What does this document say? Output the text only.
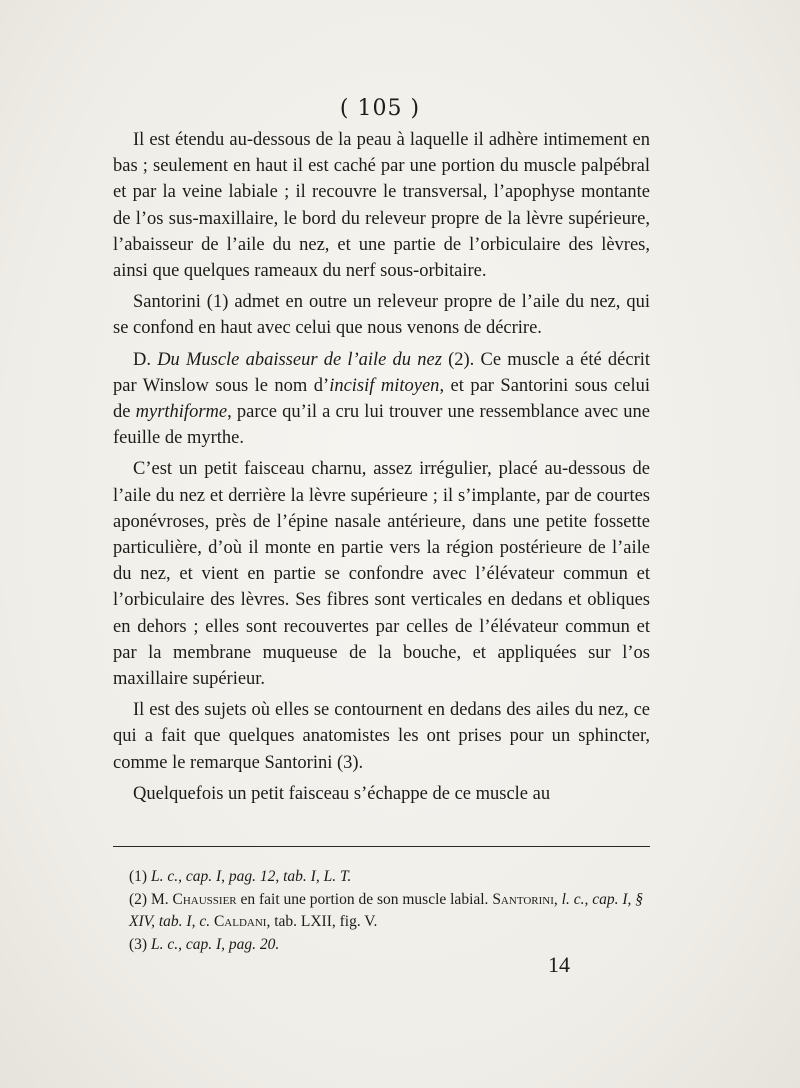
( 105 )

Il est étendu au-dessous de la peau à laquelle il adhère intimement en bas ; seulement en haut il est caché par une portion du muscle palpébral et par la veine labiale ; il recouvre le transversal, l’apophyse montante de l’os sus-maxillaire, le bord du releveur propre de la lèvre supérieure, l’abaisseur de l’aile du nez, et une partie de l’orbiculaire des lèvres, ainsi que quelques rameaux du nerf sous-orbitaire.

Santorini (1) admet en outre un releveur propre de l’aile du nez, qui se confond en haut avec celui que nous venons de décrire.

D. Du Muscle abaisseur de l’aile du nez (2). Ce muscle a été décrit par Winslow sous le nom d’incisif mitoyen, et par Santorini sous celui de myrthiforme, parce qu’il a cru lui trouver une ressemblance avec une feuille de myrthe.

C’est un petit faisceau charnu, assez irrégulier, placé au-dessous de l’aile du nez et derrière la lèvre supérieure ; il s’implante, par de courtes aponévroses, près de l’épine nasale antérieure, dans une petite fossette particulière, d’où il monte en partie vers la région postérieure de l’aile du nez, et vient en partie se confondre avec l’élévateur commun et l’orbiculaire des lèvres. Ses fibres sont verticales en dedans et obliques en dehors ; elles sont recouvertes par celles de l’élévateur commun et par la membrane muqueuse de la bouche, et appliquées sur l’os maxillaire supérieur.

Il est des sujets où elles se contournent en dedans des ailes du nez, ce qui a fait que quelques anatomistes les ont prises pour un sphincter, comme le remarque Santorini (3).

Quelquefois un petit faisceau s’échappe de ce muscle au

(1) L. c., cap. I, pag. 12, tab. I, L. T.
(2) M. Chaussier en fait une portion de son muscle labial. Santorini, l. c., cap. I, § XIV, tab. I, c. Caldani, tab. LXII, fig. V.
(3) L. c., cap. I, pag. 20.
14
